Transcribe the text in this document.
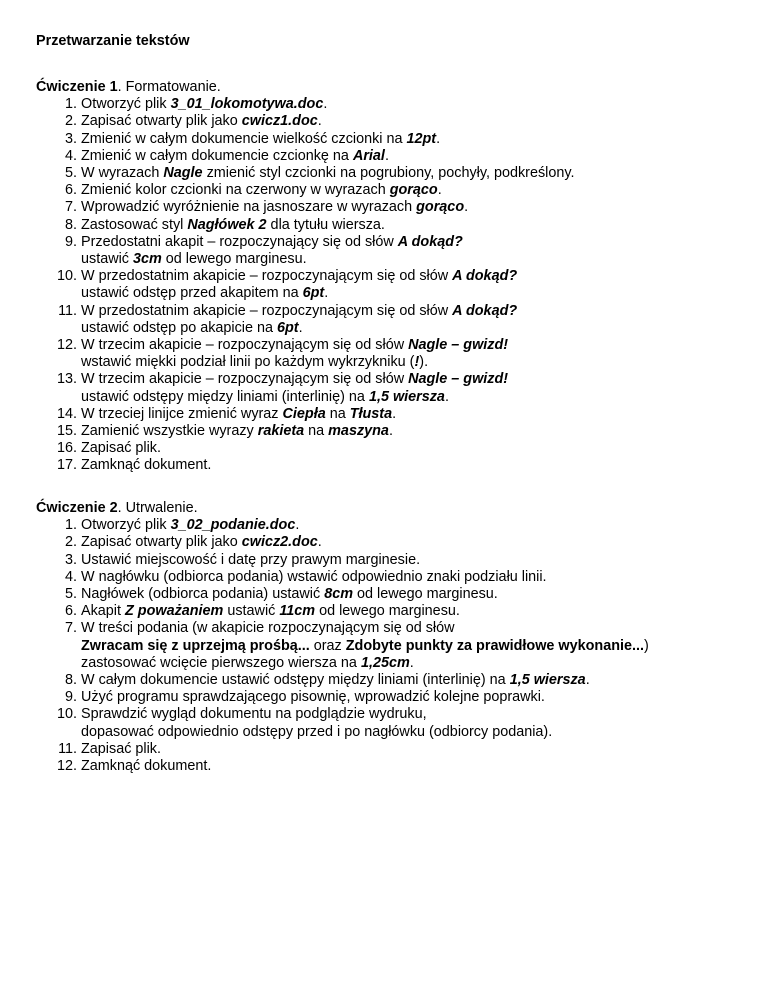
Przetwarzanie tekstów
Ćwiczenie 1. Formatowanie.
1. Otworzyć plik 3_01_lokomotywa.doc.
2. Zapisać otwarty plik jako cwicz1.doc.
3. Zmienić w całym dokumencie wielkość czcionki na 12pt.
4. Zmienić w całym dokumencie czcionkę na Arial.
5. W wyrazach Nagle zmienić styl czcionki na pogrubiony, pochyły, podkreślony.
6. Zmienić kolor czcionki na czerwony w wyrazach gorąco.
7. Wprowadzić wyróżnienie na jasnoszare w wyrazach gorąco.
8. Zastosować styl Nagłówek 2 dla tytułu wiersza.
9. Przedostatni akapit – rozpoczynający się od słów A dokąd?
ustawić 3cm od lewego marginesu.
10. W przedostatnim akapicie – rozpoczynającym się od słów A dokąd?
ustawić odstęp przed akapitem na 6pt.
11. W przedostatnim akapicie – rozpoczynającym się od słów A dokąd?
ustawić odstęp po akapicie na 6pt.
12. W trzecim akapicie – rozpoczynającym się od słów Nagle – gwizd!
wstawić miękki podział linii po każdym wykrzykniku (!).
13. W trzecim akapicie – rozpoczynającym się od słów Nagle – gwizd!
ustawić odstępy między liniami (interlinię) na 1,5 wiersza.
14. W trzeciej linijce zmienić wyraz Ciepła na Tłusta.
15. Zamienić wszystkie wyrazy rakieta na maszyna.
16. Zapisać plik.
17. Zamknąć dokument.
Ćwiczenie 2. Utrwalenie.
1. Otworzyć plik 3_02_podanie.doc.
2. Zapisać otwarty plik jako cwicz2.doc.
3. Ustawić miejscowość i datę przy prawym marginesie.
4. W nagłówku (odbiorca podania) wstawić odpowiednio znaki podziału linii.
5. Nagłówek (odbiorca podania) ustawić 8cm od lewego marginesu.
6. Akapit Z poważaniem ustawić 11cm od lewego marginesu.
7. W treści podania (w akapicie rozpoczynającym się od słów
Zwracam się z uprzejmą prośbą... oraz Zdobyte punkty za prawidłowe wykonanie...)
zastosować wcięcie pierwszego wiersza na 1,25cm.
8. W całym dokumencie ustawić odstępy między liniami (interlinię) na 1,5 wiersza.
9. Użyć programu sprawdzającego pisownię, wprowadzić kolejne poprawki.
10. Sprawdzić wygląd dokumentu na podglądzie wydruku,
dopasować odpowiednio odstępy przed i po nagłówku (odbiorcy podania).
11. Zapisać plik.
12. Zamknąć dokument.
